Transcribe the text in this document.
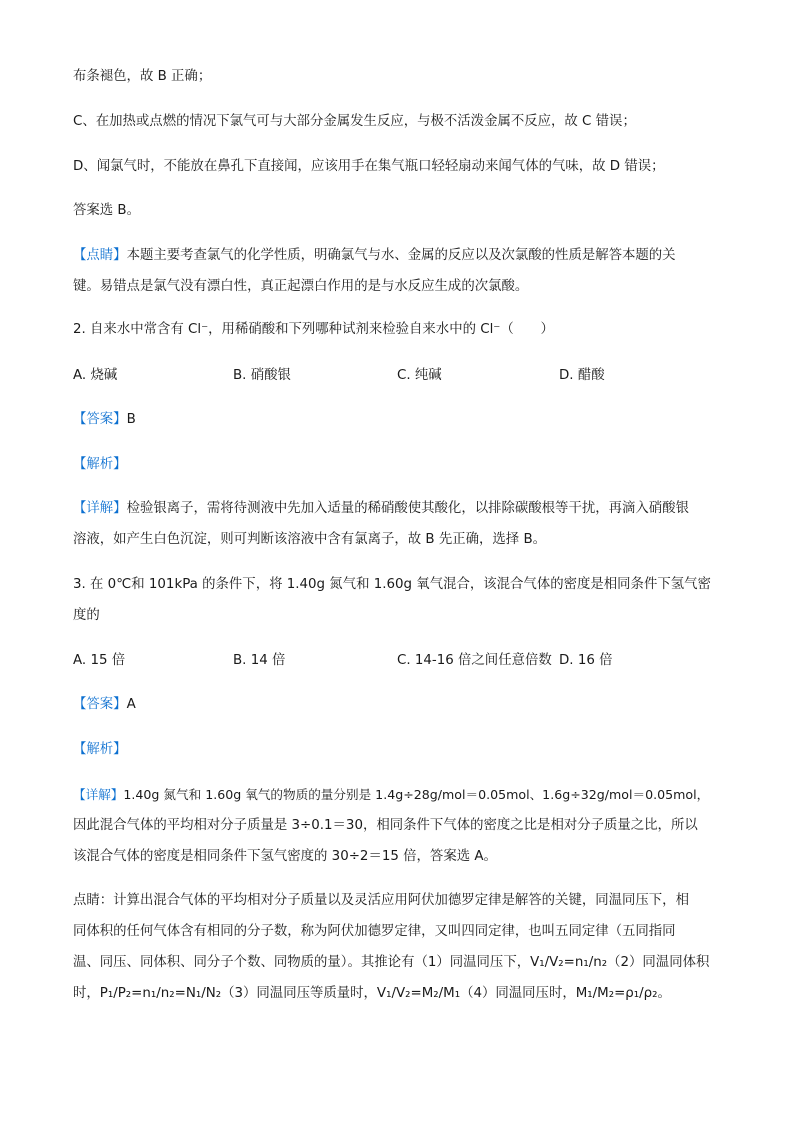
布条褪色，故 B 正确；
C、在加热或点燃的情况下氯气可与大部分金属发生反应，与极不活泼金属不反应，故 C 错误；
D、闻氯气时，不能放在鼻孔下直接闻，应该用手在集气瓶口轻轻扇动来闻气体的气味，故 D 错误；
答案选 B。
【点睛】本题主要考查氯气的化学性质，明确氯气与水、金属的反应以及次氯酸的性质是解答本题的关
键。易错点是氯气没有漂白性，真正起漂白作用的是与水反应生成的次氯酸。
2. 自来水中常含有 Cl⁻，用稀硝酸和下列哪种试剂来检验自来水中的 Cl⁻（　　）
A. 烧碱	B. 硝酸银	C. 纯碱	D. 醋酸
【答案】B
【解析】
【详解】检验银离子，需将待测液中先加入适量的稀硝酸使其酸化，以排除碳酸根等干扰，再滴入硝酸银
溶液，如产生白色沉淀，则可判断该溶液中含有氯离子，故 B 先正确，选择 B。
3. 在 0℃和 101kPa 的条件下，将 1.40g 氮气和 1.60g 氧气混合，该混合气体的密度是相同条件下氢气密
度的
A. 15 倍	B. 14 倍	C. 14-16 倍之间任意倍数 D. 16 倍
【答案】A
【解析】
【详解】1.40g 氮气和 1.60g 氧气的物质的量分别是 1.4g÷28g/mol＝0.05mol、1.6g÷32g/mol＝0.05mol，
因此混合气体的平均相对分子质量是 3÷0.1＝30，相同条件下气体的密度之比是相对分子质量之比，所以
该混合气体的密度是相同条件下氢气密度的 30÷2＝15 倍，答案选 A。
点睛：计算出混合气体的平均相对分子质量以及灵活应用阿伏加德罗定律是解答的关键，同温同压下，相
同体积的任何气体含有相同的分子数，称为阿伏加德罗定律，又叫四同定律，也叫五同定律（五同指同
温、同压、同体积、同分子个数、同物质的量）。其推论有（1）同温同压下，V₁/V₂=n₁/n₂（2）同温同体积
时，P₁/P₂=n₁/n₂=N₁/N₂（3）同温同压等质量时，V₁/V₂=M₂/M₁（4）同温同压时，M₁/M₂=ρ₁/ρ₂。
